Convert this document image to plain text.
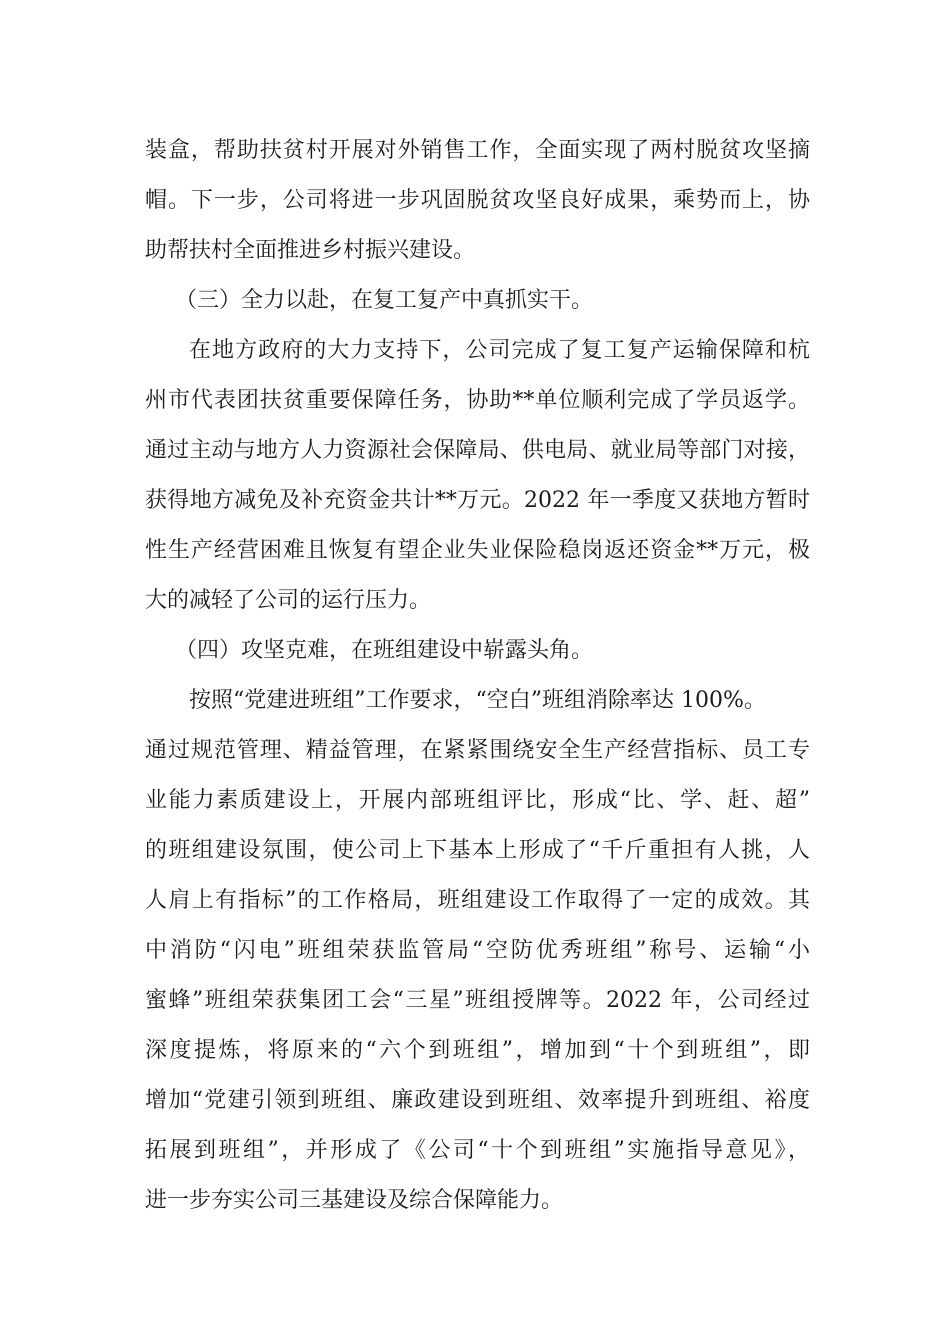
装盒，帮助扶贫村开展对外销售工作，全面实现了两村脱贫攻坚摘
帽。下一步，公司将进一步巩固脱贫攻坚良好成果，乘势而上，协
助帮扶村全面推进乡村振兴建设。
（三）全力以赴，在复工复产中真抓实干。
在地方政府的大力支持下，公司完成了复工复产运输保障和杭
州市代表团扶贫重要保障任务，协助**单位顺利完成了学员返学。
通过主动与地方人力资源社会保障局、供电局、就业局等部门对接，
获得地方减免及补充资金共计**万元。2022 年一季度又获地方暂时
性生产经营困难且恢复有望企业失业保险稳岗返还资金**万元，极
大的减轻了公司的运行压力。
（四）攻坚克难，在班组建设中崭露头角。
按照“党建进班组”工作要求，“空白”班组消除率达 100%。
通过规范管理、精益管理，在紧紧围绕安全生产经营指标、员工专
业能力素质建设上，开展内部班组评比，形成“比、学、赶、超”
的班组建设氛围，使公司上下基本上形成了“千斤重担有人挑，人
人肩上有指标”的工作格局，班组建设工作取得了一定的成效。其
中消防“闪电”班组荣获监管局“空防优秀班组”称号、运输“小
蜜蜂”班组荣获集团工会“三星”班组授牌等。2022 年，公司经过
深度提炼，将原来的“六个到班组”，增加到“十个到班组”，即
增加“党建引领到班组、廉政建设到班组、效率提升到班组、裕度
拓展到班组”，并形成了《公司“十个到班组”实施指导意见》，
进一步夯实公司三基建设及综合保障能力。
